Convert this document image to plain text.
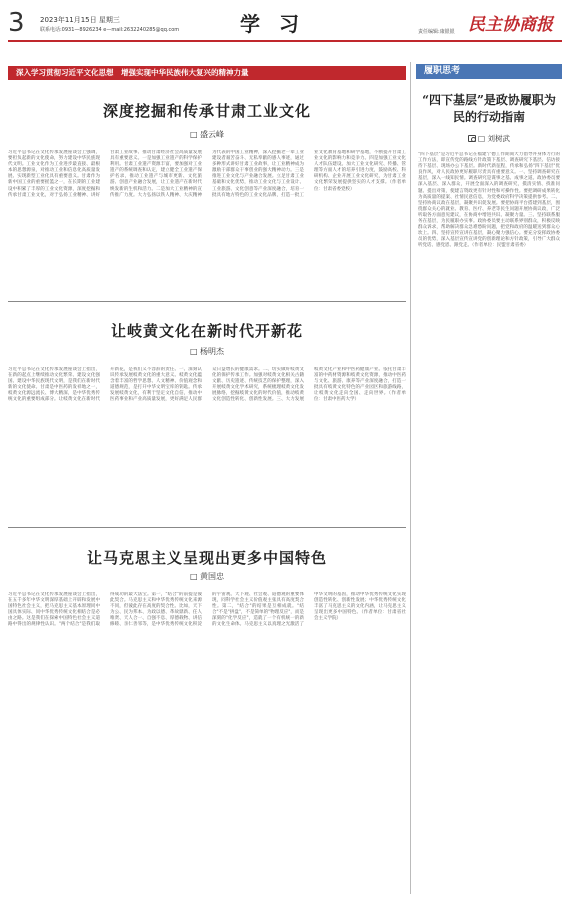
3 2023年11月15日 星期三
联系电话:0931—8926234 e—mail:2632240285@qq.com	学 习	责任编辑:康银银 民主协商报
深入学习贯彻习近平文化思想　增强实现中华民族伟大复兴的精神力量
深度挖掘和传承甘肃工业文化
□ 盛云峰
习近平总书记在文化传承发展座谈会上强调，要担负起新的文化使命，努力建设中华民族现代文明。工业文化作为工业进步最直接、最根本的思想源泉，对推动工业和信息化高质量发展、实现新型工业化具有重要意义。甘肃作为新中国工业的重要摇篮之一，在长期的工业建设中积累了丰厚的工业文化资源，深度挖掘和传承甘肃工业文化，对于弘扬工业精神、讲好甘肃工业故事、推动甘肃经济社会高质量发展具有重要意义。一是加强工业遗产的科学保护利用。甘肃工业遗产资源丰富，要加强对工业遗产的系统调查和认定，建立健全工业遗产保护名录，推动工业遗产与城市更新、文化旅游、创意产业融合发展，让工业遗产在新时代焕发新的生机和活力。二是加大工业精神的宣传推广力度。大力弘扬以铁人精神、大庆精神为代表的中国工业精神，深入挖掘老一辈工业建设者艰苦奋斗、无私奉献的感人事迹，通过多种形式讲好甘肃工业故事，让工业精神成为激励干部群众干事创业的强大精神动力。三是推进工业文化与产业融合发展。立足甘肃工业基础和文化优势，推动工业文化与工业设计、工业旅游、文化创意等产业深度融合，培育一批具有地方特色的工业文化品牌，打造一批工业文化教育基地和研学基地，不断提升甘肃工业文化的影响力和竞争力。四是加强工业文化人才队伍建设。加大工业文化研究、传播、管理等方面人才的培养引进力度，鼓励高校、科研机构、企业开展工业文化研究，为甘肃工业文化繁荣发展提供坚实的人才支撑。（作者单位：甘肃省委党校）
让岐黄文化在新时代开新花
□ 杨明杰
习近平总书记在文化传承发展座谈会上指出，在新的起点上继续推动文化繁荣、建设文化强国、建设中华民族现代文明，是我们在新时代新的文化使命。甘肃是中医药的发祥地之一，岐黄文化源远流长、博大精深，是中华优秀传统文化的重要组成部分。让岐黄文化在新时代开新花，是我们义不容辞的责任。一、深刻认识传承发展岐黄文化的重大意义。岐黄文化蕴含着丰富的哲学思想、人文精神、价值观念和道德规范，是打开中华文明宝库的钥匙。传承发展岐黄文化，有利于坚定文化自信，推动中医药事业和产业高质量发展，更好满足人民群众日益增长的健康需求。二、切实做好岐黄文化的保护传承工作。加强对岐黄文化相关古籍文献、历史遗迹、传统技艺的保护整理，深入开展岐黄文化学术研究，系统梳理岐黄文化发展脉络，挖掘岐黄文化的时代价值，推动岐黄文化创造性转化、创新性发展。三、大力发展岐黄文化产业和中医药健康产业。依托甘肃丰富的中药材资源和岐黄文化资源，推动中医药与文化、旅游、康养等产业深度融合，打造一批具有岐黄文化特色的产业园区和旅游线路，让岐黄文化走向全国、走向世界。（作者单位：甘肃中医药大学）
让马克思主义呈现出更多中国特色
□ 黄国忠
习近平总书记在文化传承发展座谈会上指出，在五千多年中华文明深厚基础上开辟和发展中国特色社会主义，把马克思主义基本原理同中国具体实际、同中华优秀传统文化相结合是必由之路。这是我们在探索中国特色社会主义道路中得出的规律性认识。"两个结合"是我们取得成功的最大法宝。第一，"结合"的前提是彼此契合。马克思主义和中华优秀传统文化来源不同，但彼此存在高度的契合性。比如，天下为公、民为邦本、为政以德、革故鼎新、任人唯贤、天人合一、自强不息、厚德载物、讲信修睦、亲仁善邻等，是中华优秀传统文化积淀的宇宙观、天下观、社会观、道德观的重要体现，同科学社会主义价值观主张具有高度契合性。第二，"结合"的结果是互相成就。"结合"不是"拼盘"，不是简单的"物理反应"，而是深刻的"化学反应"，造就了一个有机统一的新的文化生命体。马克思主义以真理之光激活了中华文明的基因，推动中华优秀传统文化实现创造性转化、创新性发展；中华优秀传统文化丰富了马克思主义的文化内涵，让马克思主义呈现出更多中国特色。（作者单位：甘肃省社会主义学院）
履职思考
“四下基层”是政协履职为民的行动指南
□ 刘树武
"四下基层"是习近平总书记在福建宁德工作期间大力倡导并身体力行的工作方法，即宣传党的路线方针政策下基层、调查研究下基层、信访接待下基层、现场办公下基层。新时代新征程，传承和弘扬"四下基层"优良作风，对人民政协更好履职尽责具有重要意义。一、坚持调查研究在基层，深入一线知民情。调查研究是谋事之基、成事之道。政协委员要深入基层、深入群众，开展全面深入的调查研究，摸清实情、找准问题、提出对策，使建言资政更有针对性和可操作性。要把调研成果转化为高质量的提案、社情民意信息，为党委政府科学决策提供参考。二、坚持协商议政在基层，凝聚共识促发展。要把协商平台搭建到基层，围绕群众关心的就业、教育、医疗、养老等民生问题开展协商议政，广泛听取各方面意见建议，在协商中增进共识、凝聚力量。三、坚持联系服务在基层，为民履职办实事。政协委员要主动联系界别群众，积极反映群众诉求，帮助解决群众急难愁盼问题，把党和政府的温暖送到群众心坎上。四、坚持宣传宣讲在基层，凝心聚力强信心。要充分发挥政协委员的优势，深入基层宣传宣讲党的创新理论和方针政策，引导广大群众听党话、感党恩、跟党走。（作者单位：民盟甘肃省委）
